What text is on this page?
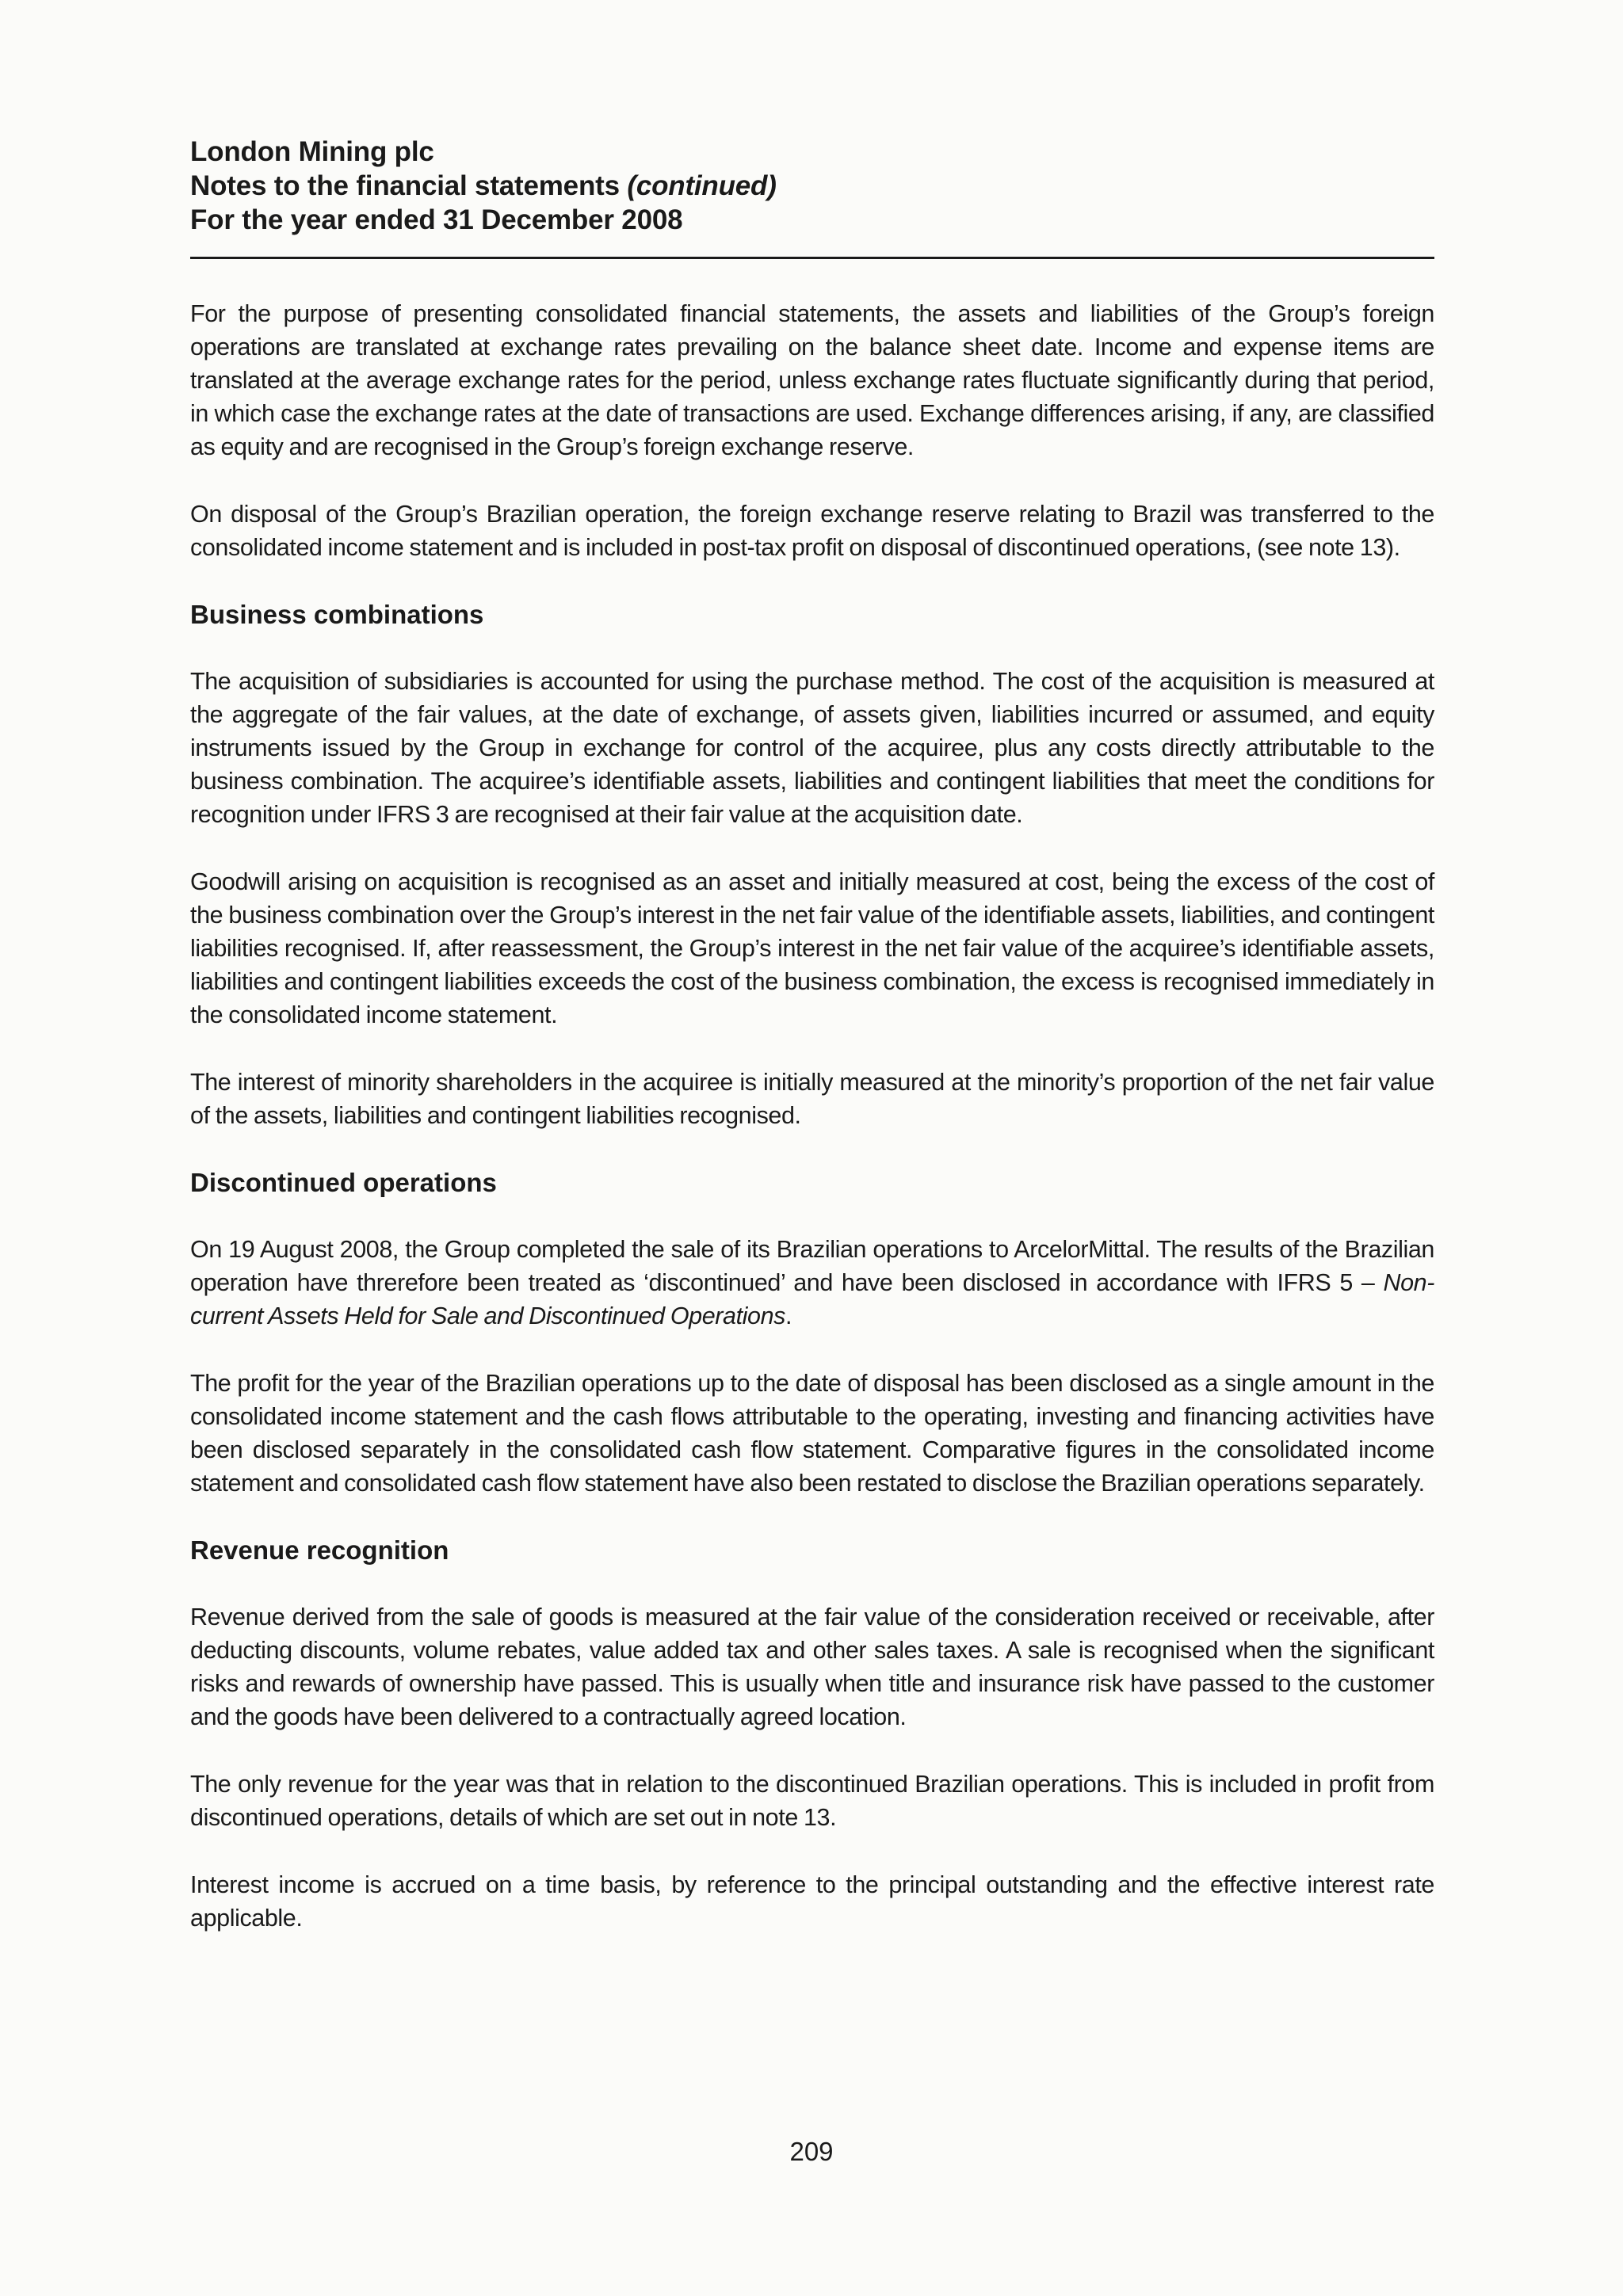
London Mining plc
Notes to the financial statements (continued)
For the year ended 31 December 2008

For the purpose of presenting consolidated financial statements, the assets and liabilities of the Group’s foreign operations are translated at exchange rates prevailing on the balance sheet date. Income and expense items are translated at the average exchange rates for the period, unless exchange rates fluctuate significantly during that period, in which case the exchange rates at the date of transactions are used. Exchange differences arising, if any, are classified as equity and are recognised in the Group’s foreign exchange reserve.

On disposal of the Group’s Brazilian operation, the foreign exchange reserve relating to Brazil was transferred to the consolidated income statement and is included in post-tax profit on disposal of discontinued operations, (see note 13).

Business combinations

The acquisition of subsidiaries is accounted for using the purchase method. The cost of the acquisition is measured at the aggregate of the fair values, at the date of exchange, of assets given, liabilities incurred or assumed, and equity instruments issued by the Group in exchange for control of the acquiree, plus any costs directly attributable to the business combination. The acquiree’s identifiable assets, liabilities and contingent liabilities that meet the conditions for recognition under IFRS 3 are recognised at their fair value at the acquisition date.

Goodwill arising on acquisition is recognised as an asset and initially measured at cost, being the excess of the cost of the business combination over the Group’s interest in the net fair value of the identifiable assets, liabilities, and contingent liabilities recognised. If, after reassessment, the Group’s interest in the net fair value of the acquiree’s identifiable assets, liabilities and contingent liabilities exceeds the cost of the business combination, the excess is recognised immediately in the consolidated income statement.

The interest of minority shareholders in the acquiree is initially measured at the minority’s proportion of the net fair value of the assets, liabilities and contingent liabilities recognised.

Discontinued operations

On 19 August 2008, the Group completed the sale of its Brazilian operations to ArcelorMittal. The results of the Brazilian operation have threrefore been treated as ‘discontinued’ and have been disclosed in accordance with IFRS 5 – Non-current Assets Held for Sale and Discontinued Operations.

The profit for the year of the Brazilian operations up to the date of disposal has been disclosed as a single amount in the consolidated income statement and the cash flows attributable to the operating, investing and financing activities have been disclosed separately in the consolidated cash flow statement. Comparative figures in the consolidated income statement and consolidated cash flow statement have also been restated to disclose the Brazilian operations separately.

Revenue recognition

Revenue derived from the sale of goods is measured at the fair value of the consideration received or receivable, after deducting discounts, volume rebates, value added tax and other sales taxes. A sale is recognised when the significant risks and rewards of ownership have passed. This is usually when title and insurance risk have passed to the customer and the goods have been delivered to a contractually agreed location.

The only revenue for the year was that in relation to the discontinued Brazilian operations. This is included in profit from discontinued operations, details of which are set out in note 13.

Interest income is accrued on a time basis, by reference to the principal outstanding and the effective interest rate applicable.

209
